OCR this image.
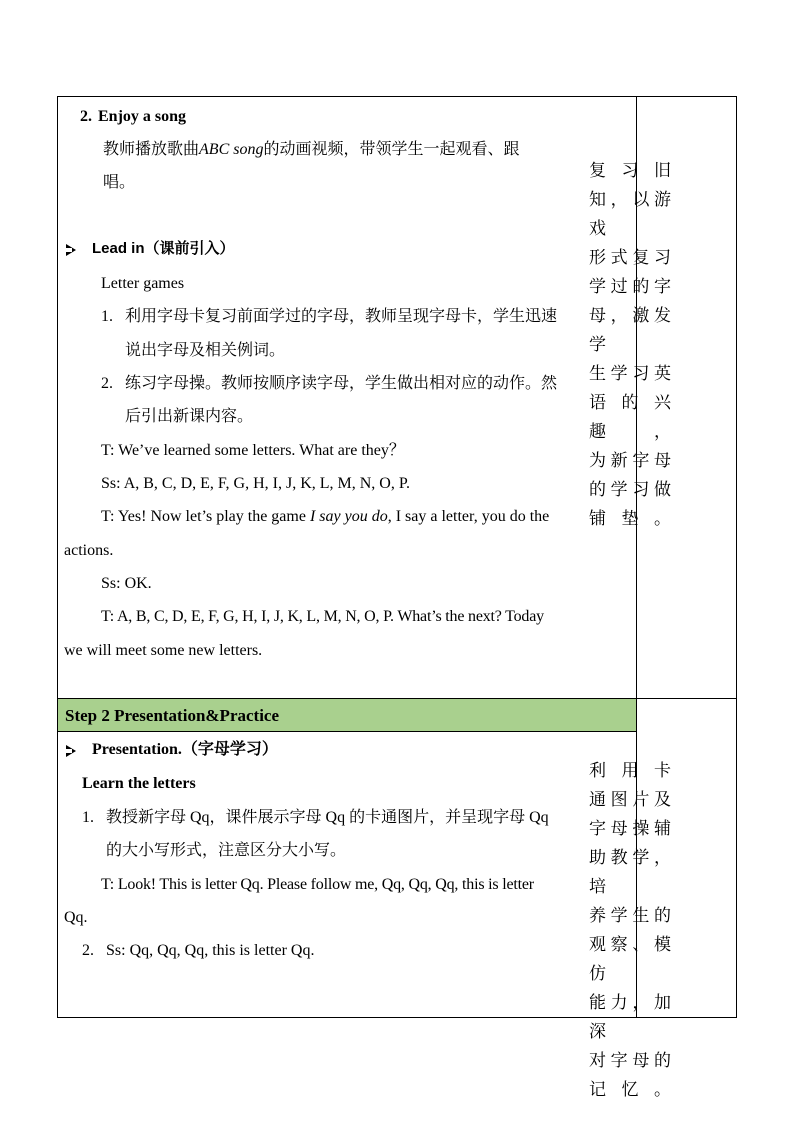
Step 2 Presentation&Practice
2. Enjoy a song
教师播放歌曲ABC song的动画视频，带领学生一起观看、跟
唱。
Lead in（课前引入）
Letter games
1. 利用字母卡复习前面学过的字母，教师呈现字母卡，学生迅速
说出字母及相关例词。
2. 练习字母操。教师按顺序读字母，学生做出相对应的动作。然
后引出新课内容。
T: We’ve learned some letters. What are they？
Ss: A, B, C, D, E, F, G, H, I, J, K, L, M, N, O, P.
T: Yes! Now let’s play the game I say you do, I say a letter, you do the
actions.
Ss: OK.
T: A, B, C, D, E, F, G, H, I, J, K, L, M, N, O, P. What’s the next? Today
we will meet some new letters.
复 习 旧
知，以游戏
形 式 复 习
学 过 的 字
母，激发学
生 学 习 英
语的兴趣，
为 新 字 母
的 学 习 做
铺垫。
Presentation.（字母学习）
Learn the letters
1. 教授新字母 Qq，课件展示字母 Qq 的卡通图片，并呈现字母 Qq
的大小写形式，注意区分大小写。
T: Look! This is letter Qq. Please follow me, Qq, Qq, Qq, this is letter
Qq.
2. Ss: Qq, Qq, Qq, this is letter Qq.
利 用 卡
通 图 片 及
字 母 操 辅
助教学，培
养 学 生 的
观察、模仿
能力，加深
对 字 母 的
记忆。
